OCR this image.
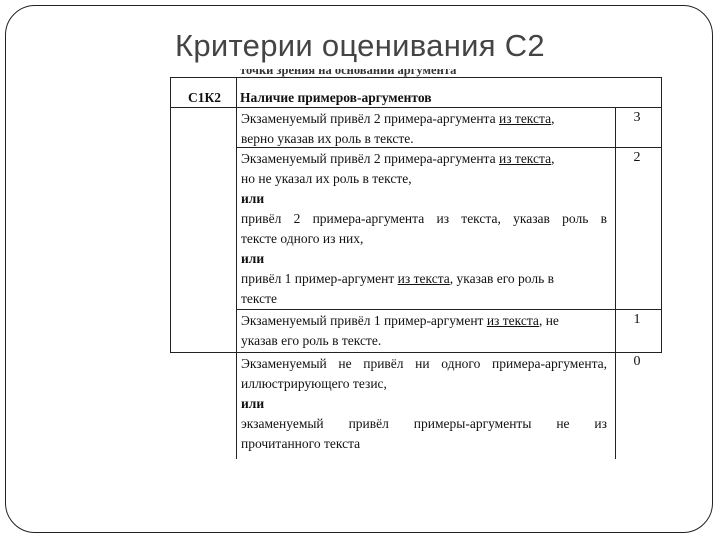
Критерии оценивания С2
точки зрения на основании аргумента
С1К2 Наличие примеров-аргументов
3
Экзаменуемый привёл 2 примера-аргумента из текста,
верно указав их роль в тексте.
2
Экзаменуемый привёл 2 примера-аргумента из текста,
но не указал их роль в тексте,
или
привёл 2 примера-аргумента из текста, указав роль в
тексте одного из них,
или
привёл 1 пример-аргумент из текста, указав его роль в
тексте
1
Экзаменуемый привёл 1 пример-аргумент из текста, не
указав его роль в тексте.
0
Экзаменуемый не привёл ни одного примера-аргумента,
иллюстрирующего тезис,
или
экзаменуемый привёл примеры-аргументы не из
прочитанного текста
